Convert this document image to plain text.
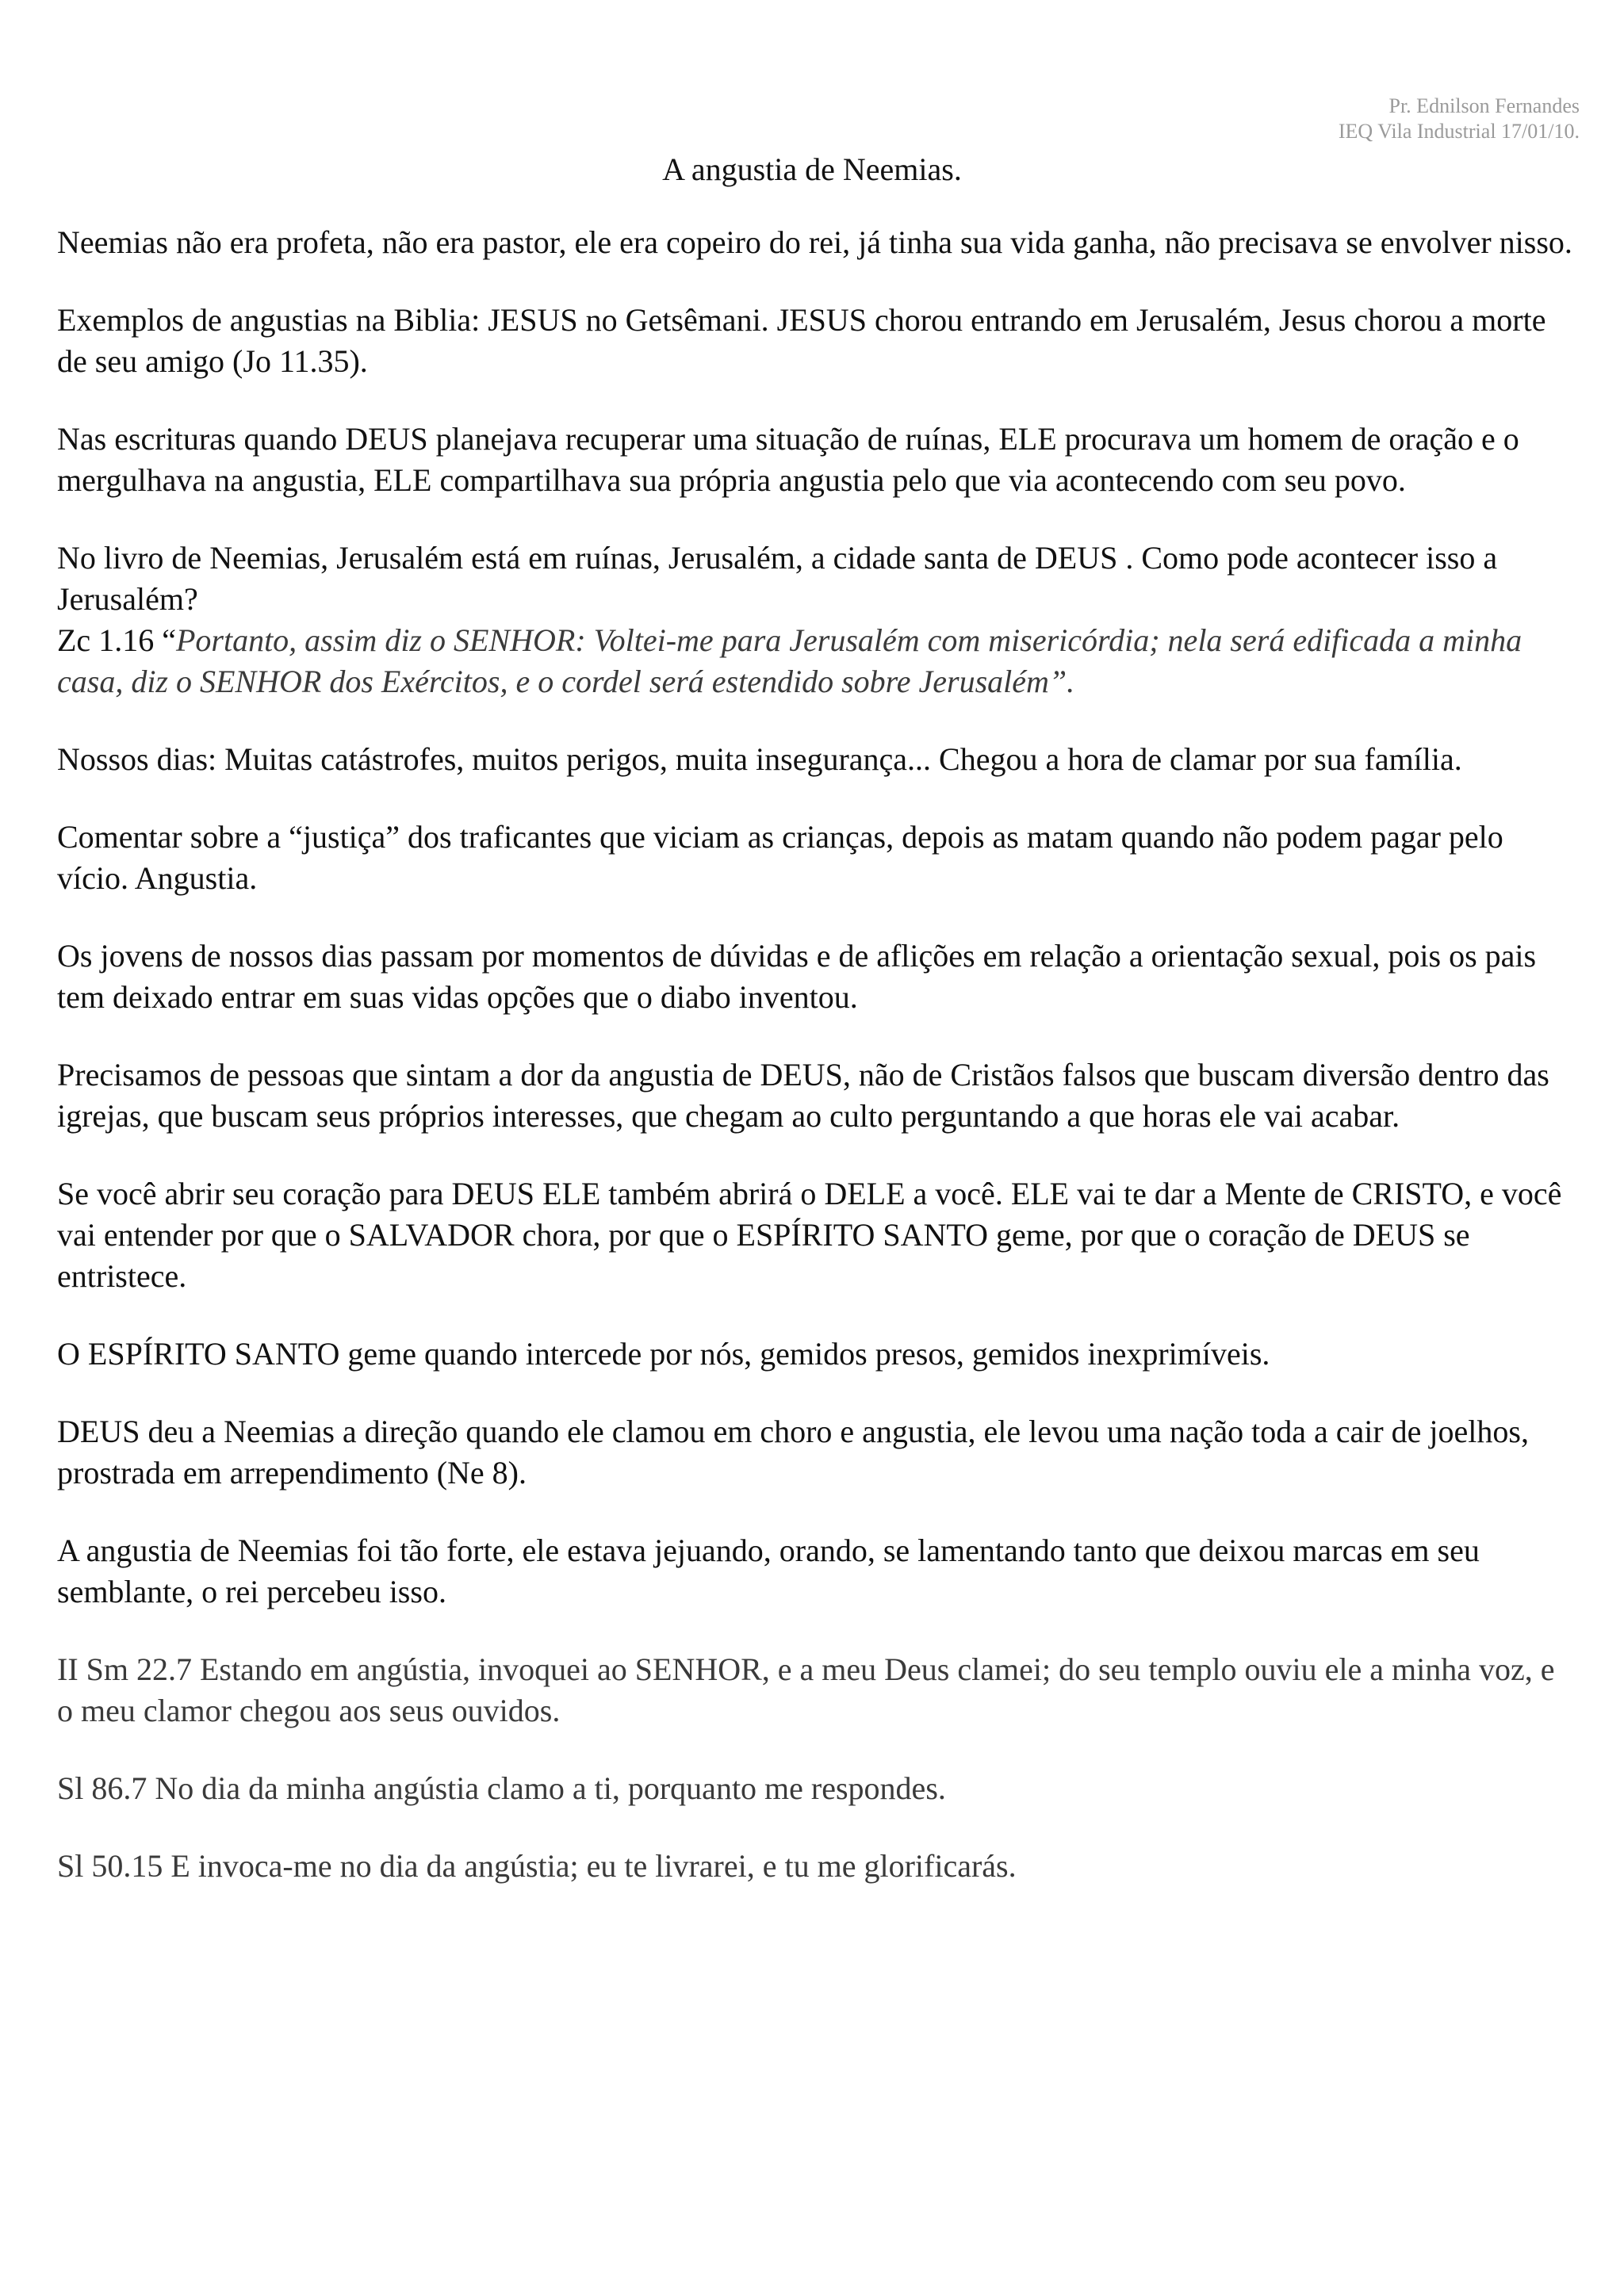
Pr. Ednilson Fernandes
IEQ Vila Industrial 17/01/10.
A angustia de Neemias.

Neemias não era profeta, não era pastor, ele era copeiro do rei, já tinha sua vida ganha, não precisava se envolver nisso.

Exemplos de angustias na Biblia: JESUS no Getsêmani. JESUS chorou entrando em Jerusalém, Jesus chorou a morte de seu amigo (Jo 11.35).

Nas escrituras quando DEUS planejava recuperar uma situação de ruínas, ELE procurava um homem de oração e o mergulhava na angustia, ELE compartilhava sua própria angustia pelo que via acontecendo com seu povo.

No livro de Neemias, Jerusalém está em ruínas, Jerusalém, a cidade santa de DEUS . Como pode acontecer isso a Jerusalém?

Zc 1.16 “Portanto, assim diz o SENHOR: Voltei-me para Jerusalém com misericórdia; nela será edificada a minha casa, diz o SENHOR dos Exércitos, e o cordel será estendido sobre Jerusalém”.

Nossos dias: Muitas catástrofes, muitos perigos, muita insegurança... Chegou a hora de clamar por sua família.

Comentar sobre a “justiça” dos traficantes que viciam as crianças, depois as matam quando não podem pagar pelo vício. Angustia.

Os jovens de nossos dias passam por momentos de dúvidas e de aflições em relação a orientação sexual, pois os pais tem deixado entrar em suas vidas opções que o diabo inventou.

Precisamos de pessoas que sintam a dor da angustia de DEUS, não de Cristãos falsos que buscam diversão dentro das igrejas, que buscam seus próprios interesses, que chegam ao culto perguntando a que horas ele vai acabar.

Se você abrir seu coração para DEUS ELE também abrirá o DELE a você. ELE vai te dar a Mente de CRISTO, e você vai entender por que o SALVADOR chora, por que o ESPÍRITO SANTO geme, por que o coração de DEUS se entristece.

O ESPÍRITO SANTO geme quando intercede por nós, gemidos presos, gemidos inexprimíveis.

DEUS deu a Neemias a direção quando ele clamou em choro e angustia, ele levou uma nação toda a cair de joelhos, prostrada em arrependimento (Ne 8).

A angustia de Neemias foi tão forte, ele estava jejuando, orando, se lamentando tanto que deixou marcas em seu semblante, o rei percebeu isso.

II Sm 22.7 Estando em angústia, invoquei ao SENHOR, e a meu Deus clamei; do seu templo ouviu ele a minha voz, e o meu clamor chegou aos seus ouvidos.

Sl 86.7 No dia da minha angústia clamo a ti, porquanto me respondes.

Sl 50.15 E invoca-me no dia da angústia; eu te livrarei, e tu me glorificarás.
